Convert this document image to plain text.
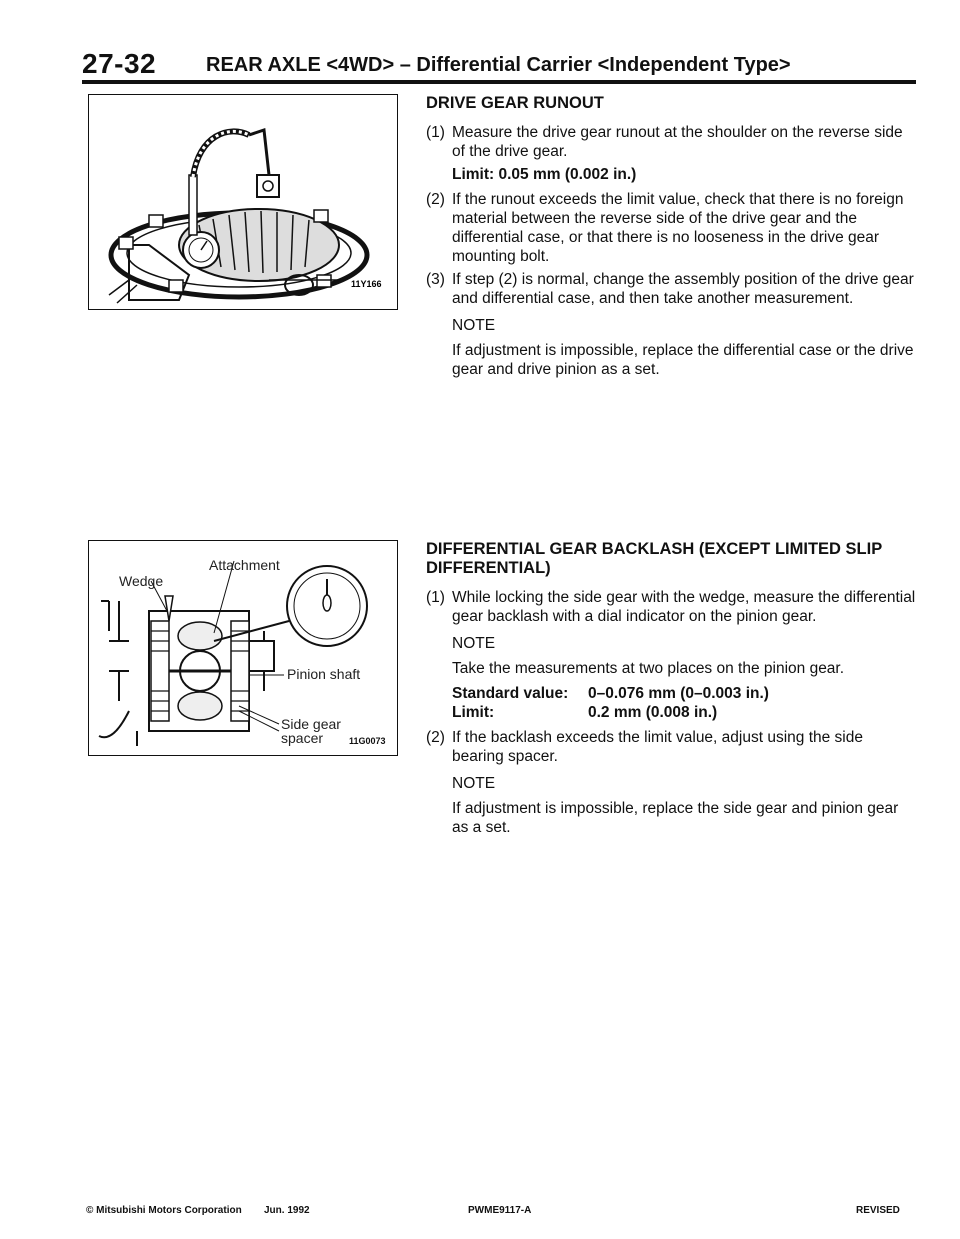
27-32 REAR AXLE <4WD> – Differential Carrier <Independent Type>
11Y166
Attachment
Wedge
Pinion shaft
Side gear
spacer	11G0073
DRIVE GEAR RUNOUT
(1) Measure the drive gear runout at the shoulder on the reverse side of the drive gear.
Limit: 0.05 mm (0.002 in.)
(2) If the runout exceeds the limit value, check that there is no foreign material between the reverse side of the drive gear and the differential case, or that there is no looseness in the drive gear mounting bolt.
(3) If step (2) is normal, change the assembly position of the drive gear and differential case, and then take another measurement.
NOTE
If adjustment is impossible, replace the differential case or the drive gear and drive pinion as a set.
DIFFERENTIAL GEAR BACKLASH (EXCEPT LIMITED SLIP DIFFERENTIAL)
(1) While locking the side gear with the wedge, measure the differential gear backlash with a dial indicator on the pinion gear.
NOTE
Take the measurements at two places on the pinion gear.
Standard value:	0–0.076 mm (0–0.003 in.)
Limit:	0.2 mm (0.008 in.)
(2) If the backlash exceeds the limit value, adjust using the side bearing spacer.
NOTE
If adjustment is impossible, replace the side gear and pinion gear as a set.
© Mitsubishi Motors Corporation Jun. 1992	PWME9117-A	REVISED
